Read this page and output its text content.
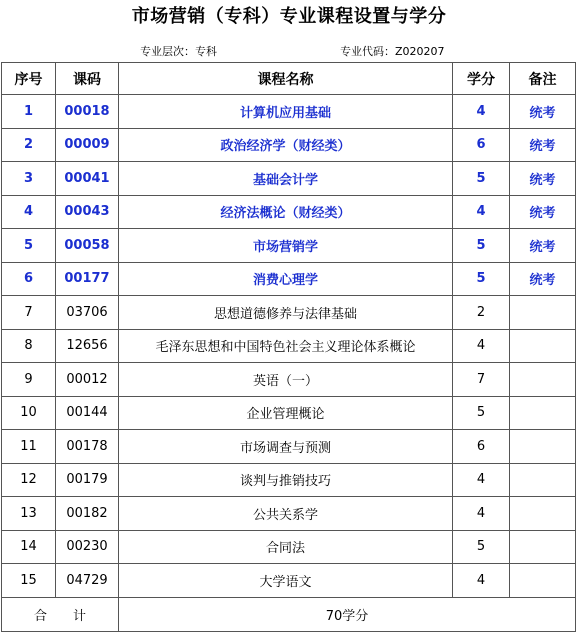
市场营销（专科）专业课程设置与学分
专业层次：专科	专业代码：Z020207
序号	课码	课程名称	学分	备注
1	00018	计算机应用基础	4	统考
2	00009	政治经济学（财经类）	6	统考
3	00041	基础会计学	5	统考
4	00043	经济法概论（财经类）	4	统考
5	00058	市场营销学	5	统考
6	00177	消费心理学	5	统考
7	03706	思想道德修养与法律基础	2	
8	12656	毛泽东思想和中国特色社会主义理论体系概论	4	
9	00012	英语（一）	7	
10	00144	企业管理概论	5	
11	00178	市场调查与预测	6	
12	00179	谈判与推销技巧	4	
13	00182	公共关系学	4	
14	00230	合同法	5	
15	04729	大学语文	4	
合　　计		70学分		
